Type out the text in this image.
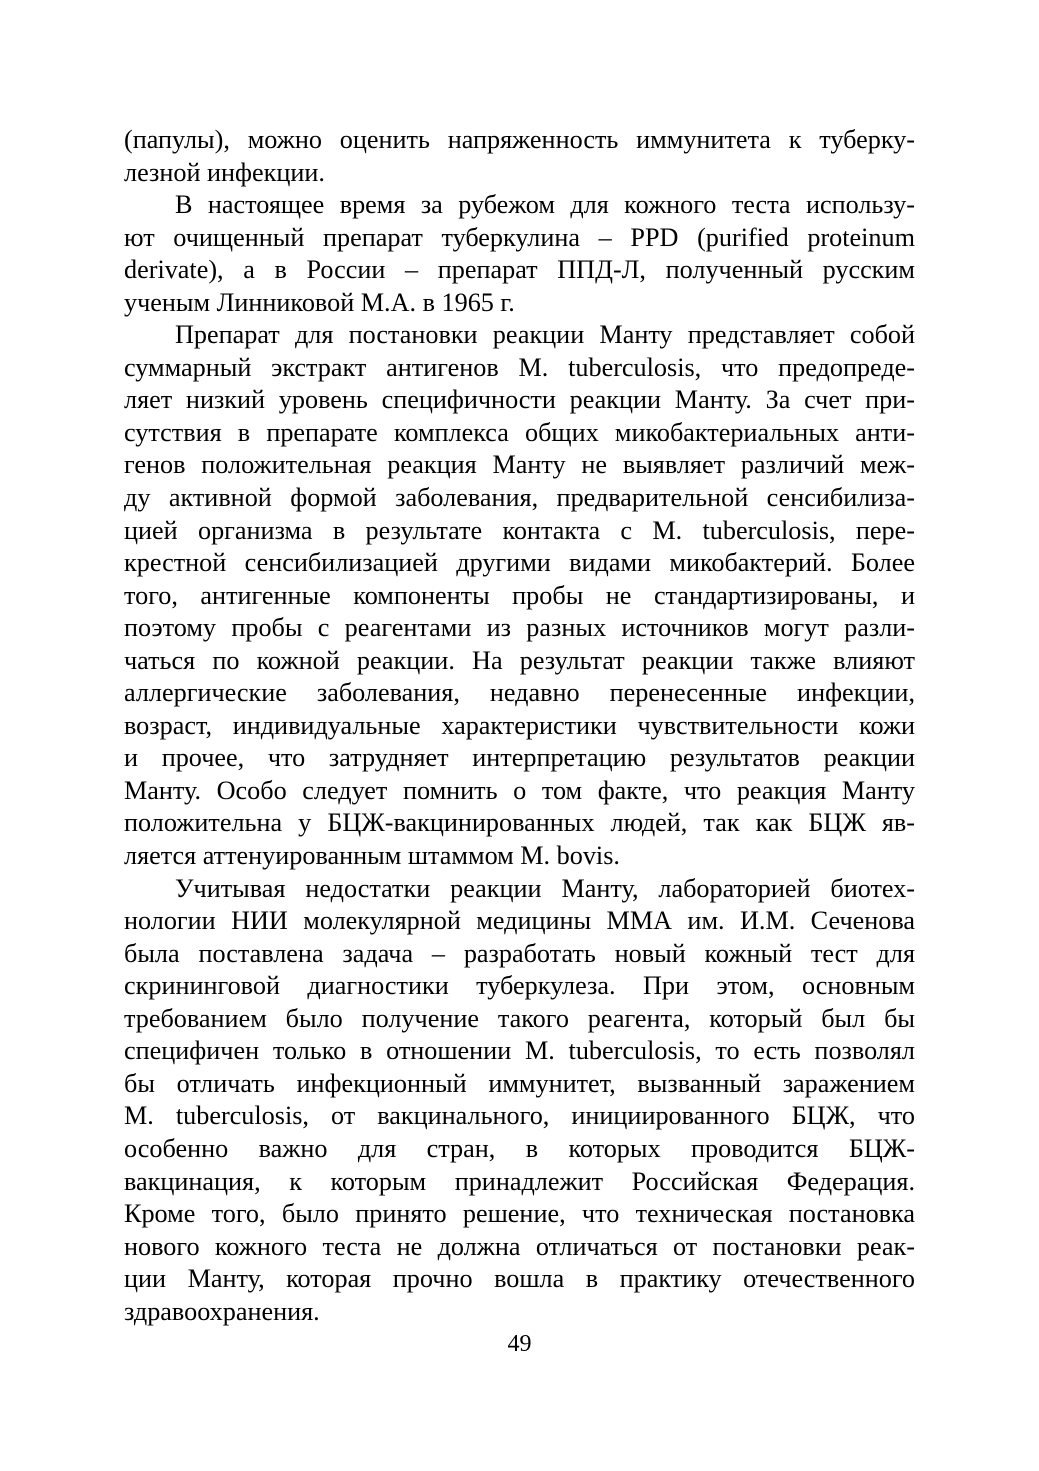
(папулы), можно оценить напряженность иммунитета к туберку-
лезной инфекции.
В настоящее время за рубежом для кожного теста использу-
ют очищенный препарат туберкулина – PPD (purified proteinum
derivate), а в России – препарат ППД-Л, полученный русским
ученым Линниковой М.А. в 1965 г.
Препарат для постановки реакции Манту представляет собой
суммарный экстракт антигенов M. tuberculosis, что предопреде-
ляет низкий уровень специфичности реакции Манту. За счет при-
сутствия в препарате комплекса общих микобактериальных анти-
генов положительная реакция Манту не выявляет различий меж-
ду активной формой заболевания, предварительной сенсибилиза-
цией организма в результате контакта с M. tuberculosis, пере-
крестной сенсибилизацией другими видами микобактерий. Более
того, антигенные компоненты пробы не стандартизированы, и
поэтому пробы с реагентами из разных источников могут разли-
чаться по кожной реакции. На результат реакции также влияют
аллергические заболевания, недавно перенесенные инфекции,
возраст, индивидуальные характеристики чувствительности кожи
и прочее, что затрудняет интерпретацию результатов реакции
Манту. Особо следует помнить о том факте, что реакция Манту
положительна у БЦЖ-вакцинированных людей, так как БЦЖ яв-
ляется аттенуированным штаммом M. bovis.
Учитывая недостатки реакции Манту, лабораторией биотех-
нологии НИИ молекулярной медицины ММА им. И.М. Сеченова
была поставлена задача – разработать новый кожный тест для
скрининговой диагностики туберкулеза. При этом, основным
требованием было получение такого реагента, который был бы
специфичен только в отношении M. tuberculosis, то есть позволял
бы отличать инфекционный иммунитет, вызванный заражением
M. tuberculosis, от вакцинального, инициированного БЦЖ, что
особенно важно для стран, в которых проводится БЦЖ-
вакцинация, к которым принадлежит Российская Федерация.
Кроме того, было принято решение, что техническая постановка
нового кожного теста не должна отличаться от постановки реак-
ции Манту, которая прочно вошла в практику отечественного
здравоохранения.
49
